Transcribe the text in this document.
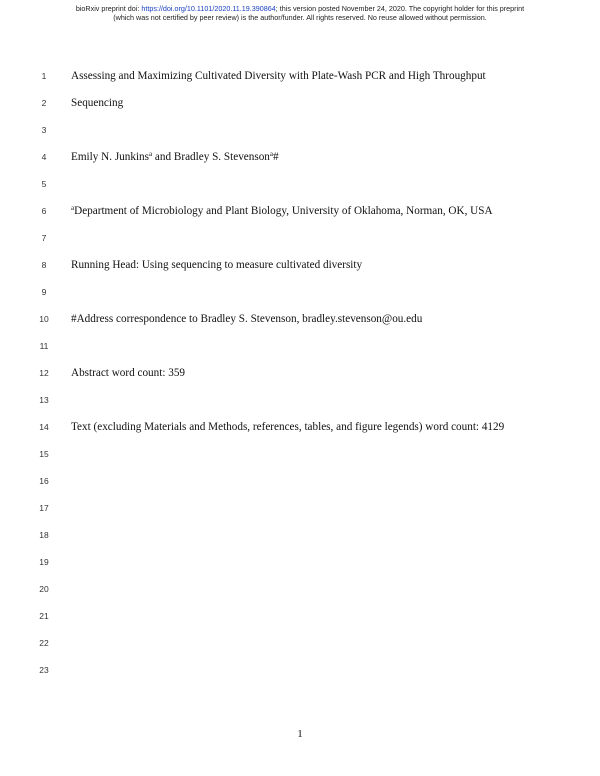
bioRxiv preprint doi: https://doi.org/10.1101/2020.11.19.390864; this version posted November 24, 2020. The copyright holder for this preprint
(which was not certified by peer review) is the author/funder. All rights reserved. No reuse allowed without permission.
1	Assessing and Maximizing Cultivated Diversity with Plate-Wash PCR and High Throughput
2	Sequencing
3
4	Emily N. Junkins$^a$ and Bradley S. Stevenson$^a$#
5
6	$^a$Department of Microbiology and Plant Biology, University of Oklahoma, Norman, OK, USA
7
8	Running Head: Using sequencing to measure cultivated diversity
9
10	#Address correspondence to Bradley S. Stevenson, bradley.stevenson@ou.edu
11
12	Abstract word count: 359
13
14	Text (excluding Materials and Methods, references, tables, and figure legends) word count: 4129
15
16
17
18
19
20
21
22
23
1
